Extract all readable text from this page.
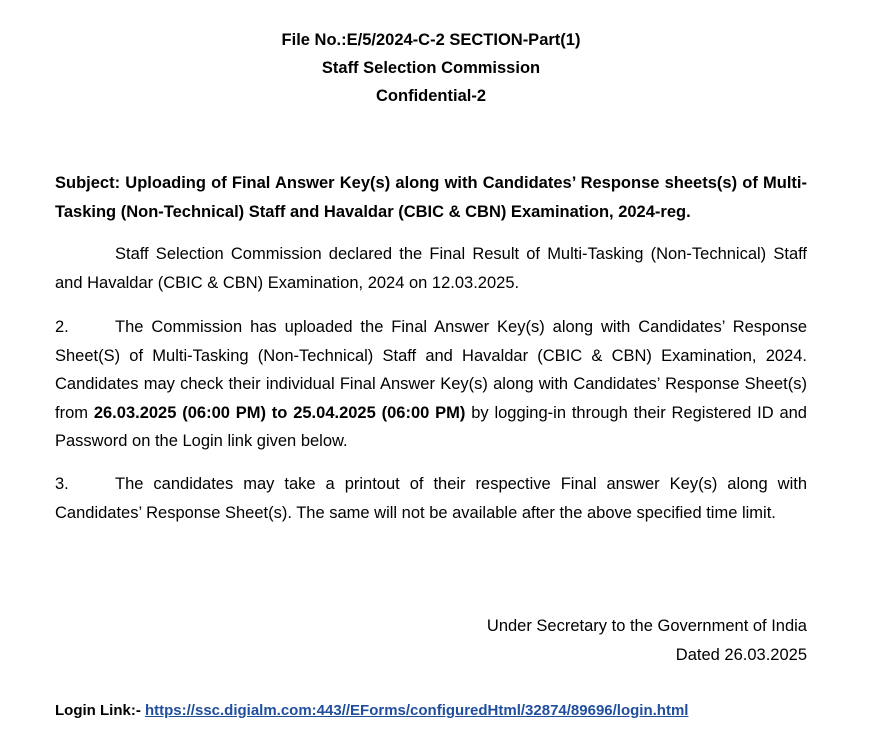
File No.:E/5/2024-C-2 SECTION-Part(1)
Staff Selection Commission
Confidential-2
Subject: Uploading of Final Answer Key(s) along with Candidates’ Response sheets(s) of Multi-Tasking (Non-Technical) Staff and Havaldar (CBIC & CBN) Examination, 2024-reg.
Staff Selection Commission declared the Final Result of Multi-Tasking (Non-Technical) Staff and Havaldar (CBIC & CBN) Examination, 2024 on 12.03.2025.
2.	The Commission has uploaded the Final Answer Key(s) along with Candidates’ Response Sheet(S) of Multi-Tasking (Non-Technical) Staff and Havaldar (CBIC & CBN) Examination, 2024. Candidates may check their individual Final Answer Key(s) along with Candidates’ Response Sheet(s) from 26.03.2025 (06:00 PM) to 25.04.2025 (06:00 PM) by logging-in through their Registered ID and Password on the Login link given below.
3.	The candidates may take a printout of their respective Final answer Key(s) along with Candidates’ Response Sheet(s). The same will not be available after the above specified time limit.
Under Secretary to the Government of India
Dated 26.03.2025
Login Link:- https://ssc.digialm.com:443//EForms/configuredHtml/32874/89696/login.html
